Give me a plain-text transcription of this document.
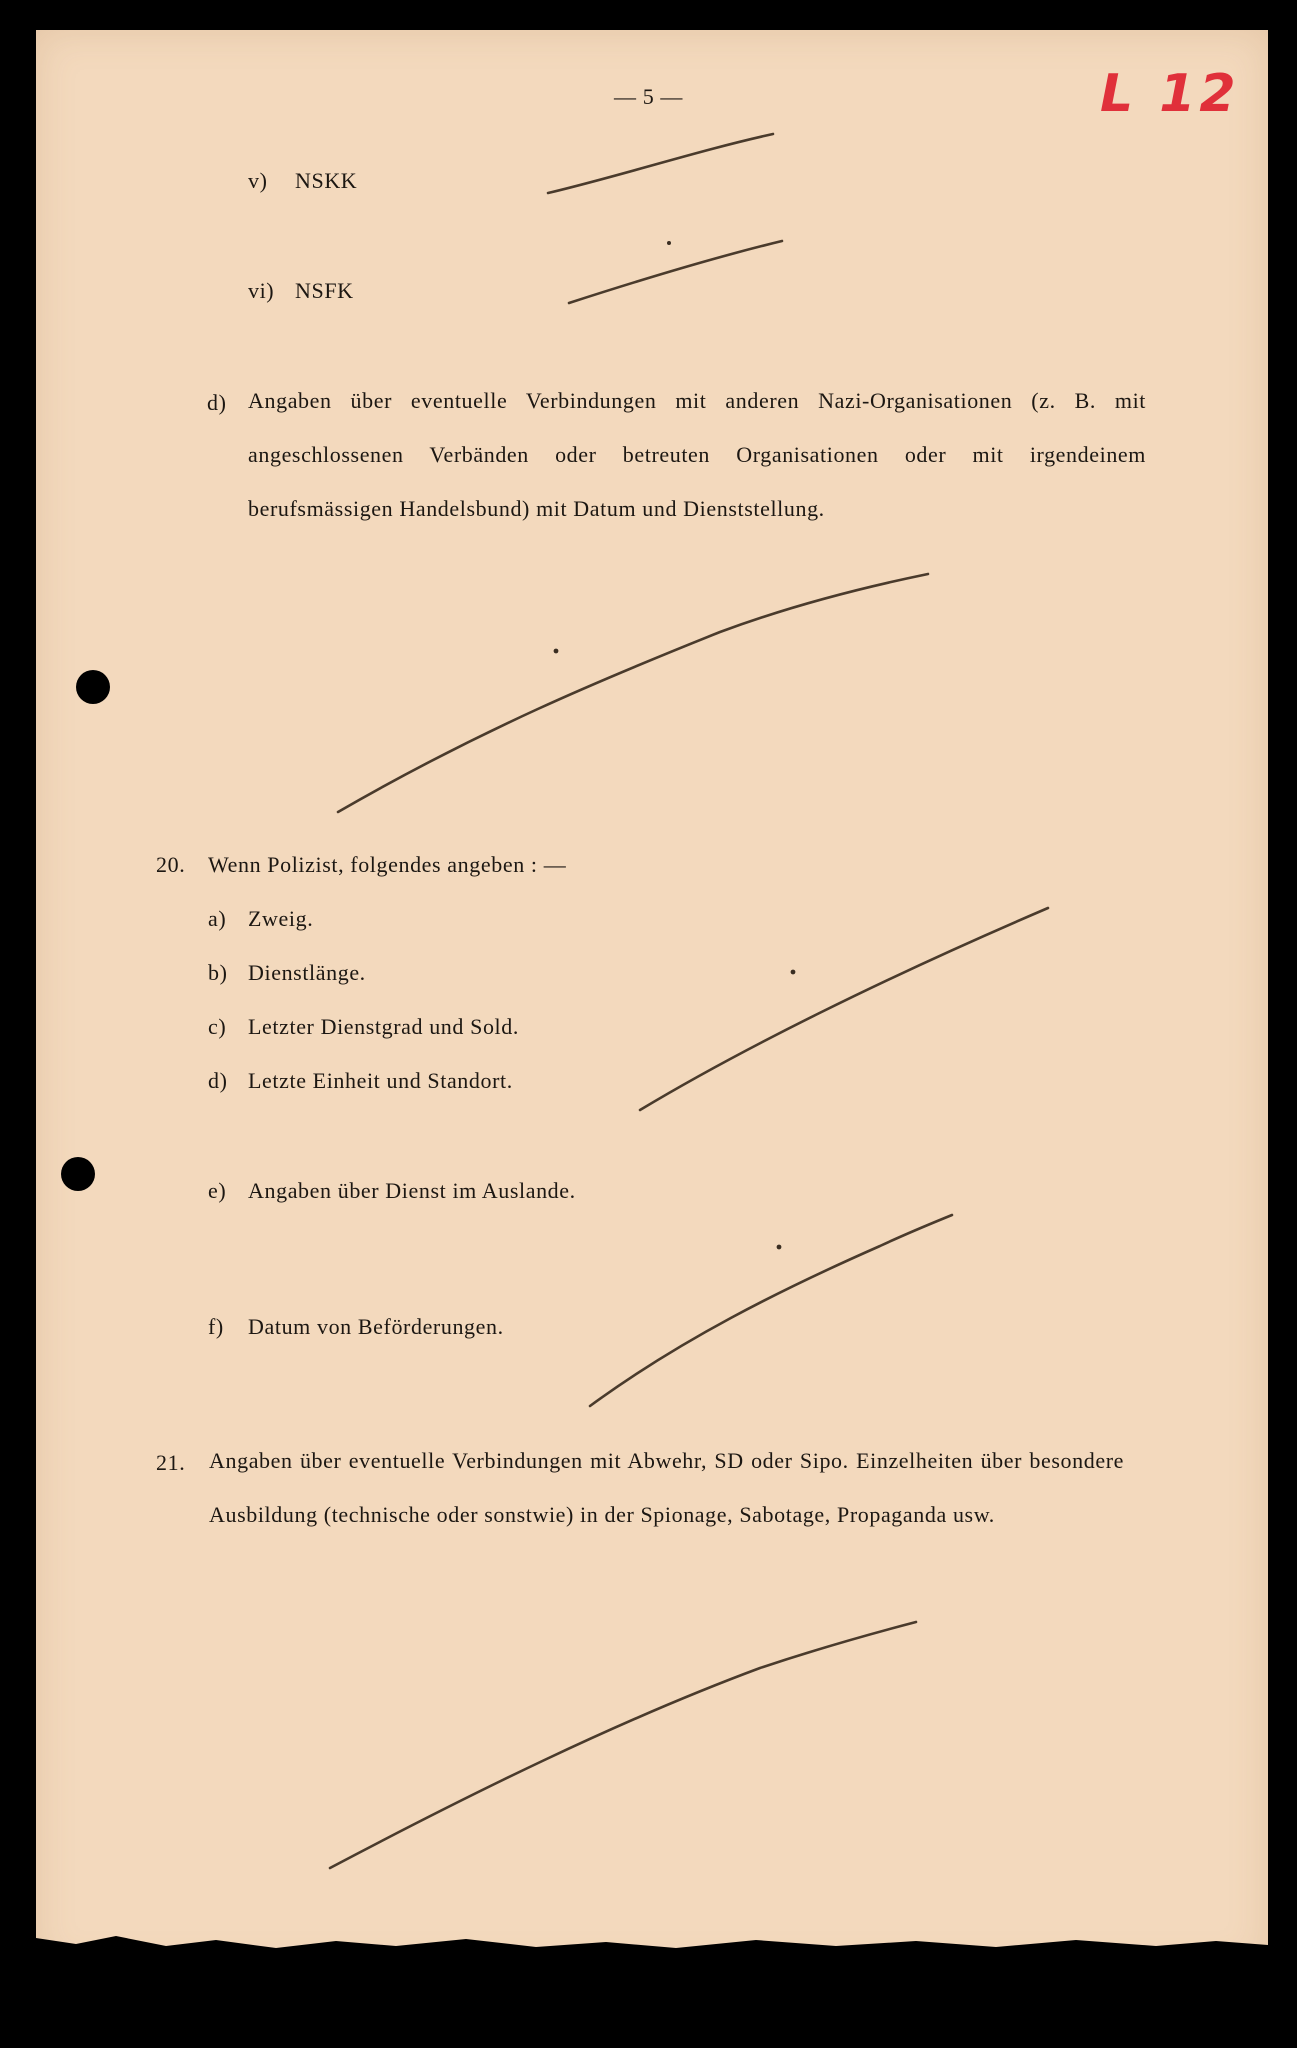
— 5 —	L 12
v) NSKK
vi) NSFK
d) Angaben über eventuelle Verbindungen mit anderen Nazi-Organisationen (z. B. mit angeschlossenen Verbänden oder betreuten Organisationen oder mit irgendeinem berufsmässigen Handelsbund) mit Datum und Dienststellung.
20. Wenn Polizist, folgendes angeben : —
a) Zweig.
b) Dienstlänge.
c) Letzter Dienstgrad und Sold.
d) Letzte Einheit und Standort.
e) Angaben über Dienst im Auslande.
f) Datum von Beförderungen.
21. Angaben über eventuelle Verbindungen mit Abwehr, SD oder Sipo. Einzelheiten über besondere Ausbildung (technische oder sonstwie) in der Spionage, Sabotage, Propaganda usw.
